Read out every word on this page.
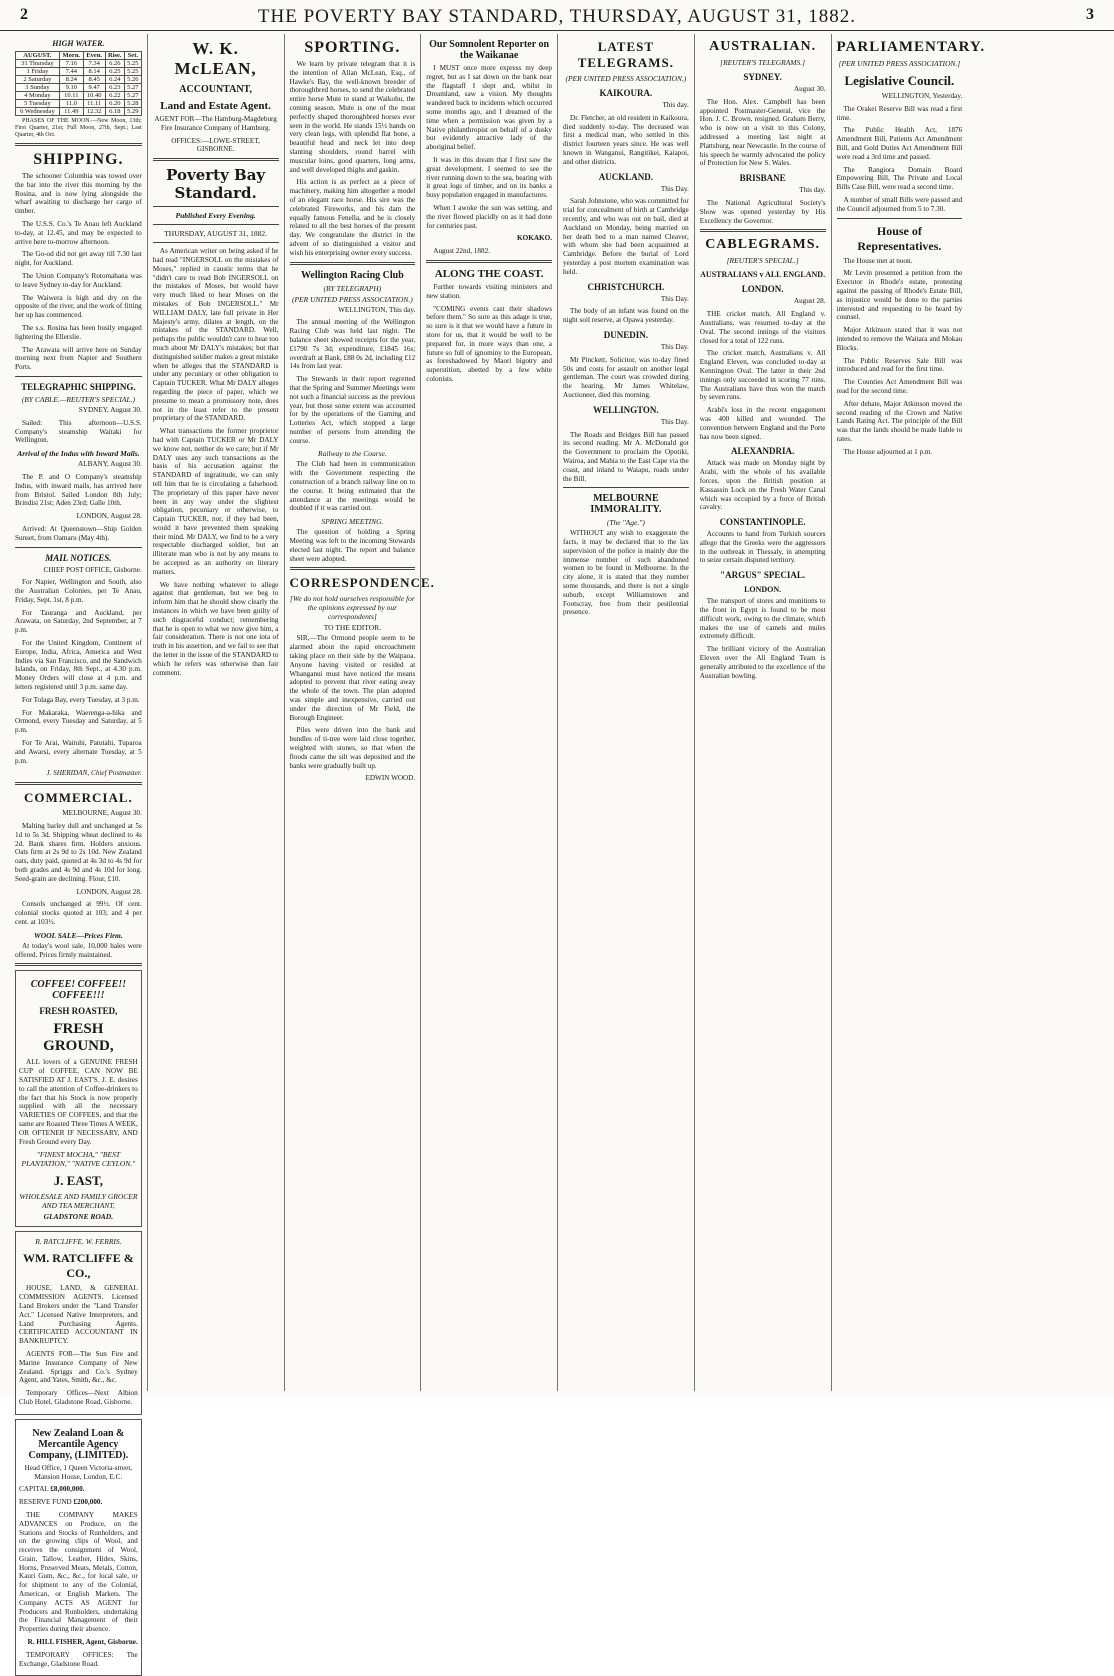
2	THE POVERTY BAY STANDARD, THURSDAY, AUGUST 31, 1882.	3
HIGH WATER.
AUGUST.	Morn.	Even.	Rise.	Set.
31 Thursday	7.16	7.34	6.26	5.25
1 Friday	7.44	8.14	6.25	5.25
2 Saturday	8.24	8.45	6.24	5.26
3 Sunday	9.10	9.47	6.23	5.27
4 Monday	10.11	10.40	6.22	5.27
5 Tuesday	11.0	11.11	6.20	5.28
6 Wednesday	11.49	12.32	6.18	5.29

PHASES OF THE MOON.—New Moon, 13th; First Quarter, 21st; Full Moon, 27th, Sept.; Last Quarter, 4th Oct.

SHIPPING.

The schooner Columbia was towed over the bar into the river this morning by the Rosina, and is now lying alongside the wharf awaiting to discharge her cargo of timber.

The U.S.S. Co.'s Te Anau left Auckland to-day, at 12.45, and may be expected to arrive here to-morrow afternoon.

The Go-od did not get away till 7.30 last night, for Auckland.

The Union Company's Rotomahana was to leave Sydney to-day for Auckland.

The Waiwera is high and dry on the opposite of the river, and the work of fitting her up has commenced.

The s.s. Rosina has been busily engaged lightering the Ellerslie.

The Arawata will arrive here on Sunday morning next from Napier and Southern Ports.

TELEGRAPHIC SHIPPING.
(BY CABLE.—REUTER'S SPECIAL.)

SYDNEY, August 30.

Sailed: This afternoon—U.S.S. Company's steamship Waitaki for Wellington.

Arrival of the Indus with Inward Mails.

ALBANY, August 30.

The P. and O Company's steamship Indus, with inward mails, has arrived here from Bristol. Sailed London 8th July; Brindisi 21st; Aden 23rd; Galle 10th.

LONDON, August 28.

Arrived: At Queenstown—Ship Golden Sunset, from Oamaru (May 4th).

MAIL NOTICES.

CHIEF POST OFFICE, Gisborne.

For Napier, Wellington and South, also the Australian Colonies, per Te Anau, Friday, Sept. 1st, 8 p.m.

For Tauranga and Auckland, per Arawata, on Saturday, 2nd September, at 7 p.m.

For the United Kingdom, Continent of Europe, India, Africa, America and West Indies via San Francisco, and the Sandwich Islands, on Friday, 8th Sept., at 4.30 p.m. Money Orders will close at 4 p.m. and letters registered until 3 p.m. same day.

For Tolaga Bay, every Tuesday, at 3 p.m.

For Makaraka, Waerenga-a-hika and Ormond, every Tuesday and Saturday, at 5 p.m.

For Te Arai, Waituhi, Patutahi, Tuparoa and Awarsi, every alternate Tuesday, at 5 p.m.

J. SHERIDAN, Chief Postmaster.

COMMERCIAL.

MELBOURNE, August 30.

Malting barley dull and unchanged at 5s 1d to 5s 3d. Shipping wheat declined to 4s 2d. Bank shares firm. Holders anxious. Oats firm at 2s 9d to 2s 10d. New Zealand oats, duty paid, quoted at 4s 3d to 4s 9d for both grades and 4s 9d and 4s 10d for long. Seed-grain are declining. Flour, £10.

LONDON, August 28.

Consols unchanged at 99½. Of cent. colonial stocks quoted at 103; and 4 per cent. at 103½.

WOOL SALE—Prices Firm.

At today's wool sale, 10,000 bales were offered. Prices firmly maintained.

COFFEE! COFFEE!! COFFEE!!!
FRESH ROASTED,
FRESH GROUND,

ALL lovers of a GENUINE FRESH CUP of COFFEE, CAN NOW BE SATISFIED AT J. EAST'S. J. E. desires to call the attention of Coffee-drinkers to the fact that his Stock is now properly supplied with all the necessary VARIETIES OF COFFEES, and that the same are Roasted Three Times A WEEK, OR OFTENER IF NECESSARY, AND Fresh Ground every Day.

"FINEST MOCHA," "BEST PLANTATION," "NATIVE CEYLON."
J. EAST,
WHOLESALE AND FAMILY GROCER AND TEA MERCHANT,
GLADSTONE ROAD.
R. RATCLIFFE. W. FERRIS.
WM. RATCLIFFE & CO.,

HOUSE, LAND, & GENERAL COMMISSION AGENTS. Licensed Land Brokers under the "Land Transfer Act." Licensed Native Interpreters, and Land Purchasing Agents. CERTIFICATED ACCOUNTANT IN BANKRUPTCY.

AGENTS FOR—The Sun Fire and Marine Insurance Company of New Zealand. Spriggs and Co.'s Sydney Agent, and Yates, Smith, &c., &c.

Temporary Offices—Next Albion Club Hotel, Gladstone Road, Gisborne.

New Zealand Loan & Mercantile Agency Company, (LIMITED).

Head Office, 1 Queen Victoria-street, Mansion House, London, E.C.

CAPITAL £8,000,000.

RESERVE FUND £200,000.

THE COMPANY MAKES ADVANCES on Produce, on the Stations and Stocks of Runholders, and on the growing clips of Wool, and receives the consignment of Wool, Grain, Tallow, Leather, Hides, Skins, Horns, Preserved Meats, Metals, Cotton, Kauri Gum, &c., &c., for local sale, or for shipment to any of the Colonial, American, or English Markets. The Company ACTS AS AGENT for Producers and Runholders, undertaking the Financial Management of their Properties during their absence.

R. HILL FISHER, Agent, Gisborne.

TEMPORARY OFFICES: The Exchange, Gladstone Road.

W. K. McLEAN,
ACCOUNTANT,
Land and Estate Agent.

AGENT FOR—The Hamburg-Magdeburg Fire Insurance Company of Hamburg.

OFFICES:—LOWE-STREET, GISBORNE.

Poverty Bay Standard.
Published Every Evening.
THURSDAY, AUGUST 31, 1882.

As American writer on being asked if he had read "INGERSOLL on the mistakes of Moses," replied in caustic terms that he "didn't care to read Bob INGERSOLL on the mistakes of Moses, but would have very much liked to hear Moses on the mistakes of Bob INGERSOLL." Mr WILLIAM DALY, late full private in Her Majesty's army, dilates at length, on the mistakes of the STANDARD. Well, perhaps the public wouldn't care to hear too much about Mr DALY's mistakes; but that distinguished soldier makes a great mistake when he alleges that the STANDARD is under any pecuniary or other obligation to Captain TUCKER. What Mr DALY alleges regarding the piece of paper, which we presume to mean a promissory note, does not in the least refer to the present proprietary of the STANDARD.

What transactions the former proprietor had with Captain TUCKER or Mr DALY we know not, neither do we care; but if Mr DALY uses any such transactions as the basis of his accusation against the STANDARD of ingratitude, we can only tell him that he is circulating a falsehood. The proprietary of this paper have never been in any way under the slightest obligation, pecuniary or otherwise, to Captain TUCKER, nor, if they had been, would it have prevented them speaking their mind. Mr DALY, we find to be a very respectable discharged soldier, but an illiterate man who is not by any means to be accepted as an authority on literary matters.

We have nothing whatever to allege against that gentleman, but we beg to inform him that he should show clearly the instances in which we have been guilty of such disgraceful conduct; remembering that he is open to what we now give him, a fair consideration. There is not one iota of truth in his assertion, and we fail to see that the letter in the issue of the STANDARD to which he refers was otherwise than fair comment.

SPORTING.

We learn by private telegram that it is the intention of Allan McLean, Esq., of Hawke's Bay, the well-known breeder of thoroughbred horses, to send the celebrated entire horse Mute to stand at Waikohu, the coming season. Mute is one of the most perfectly shaped thoroughbred horses ever seen in the world. He stands 15½ hands on very clean legs, with splendid flat bone, a beautiful head and neck let into deep slanting shoulders, round barrel with muscular loins, good quarters, long arms, and well developed thighs and gaskin.

His action is as perfect as a piece of machinery, making him altogether a model of an elegant race horse. His sire was the celebrated Fireworks, and his dam the equally famous Fenella, and he is closely related to all the best horses of the present day. We congratulate the district in the advent of so distinguished a visitor and wish his enterprising owner every success.

Wellington Racing Club
(BY TELEGRAPH)
(PER UNITED PRESS ASSOCIATION.)

WELLINGTON, This day.

The annual meeting of the Wellington Racing Club was held last night. The balance sheet showed receipts for the year, £1790 7s 3d; expenditure, £1845 16s; overdraft at Bank, £88 0s 2d, including £12 14s from last year.

The Stewards in their report regretted that the Spring and Summer Meetings were not such a financial success as the previous year, but those some extent was accounted for by the operations of the Gaming and Lotteries Act, which stopped a large number of persons from attending the course.

Railway to the Course.

The Club had been in communication with the Government respecting the construction of a branch railway line on to the course. It being estimated that the attendance at the meetings would be doubled if it was carried out.

SPRING MEETING.

The question of holding a Spring Meeting was left to the incoming Stewards elected last night. The report and balance sheet were adopted.

CORRESPONDENCE.
[We do not hold ourselves responsible for the opinions expressed by our correspondents]
TO THE EDITOR.

SIR,—The Ormond people seem to be alarmed about the rapid encroachment taking place on their side by the Waipaoa. Anyone having visited or resided at Whanganui must have noticed the means adopted to prevent that river eating away the whole of the town. The plan adopted was simple and inexpensive, carried out under the direction of Mr Field, the Borough Engineer.

Piles were driven into the bank and bundles of ti-tree were laid close together, weighted with stones, so that when the floods came the silt was deposited and the banks were gradually built up.

EDWIN WOOD.

Our Somnolent Reporter on the Waikanae

I MUST once more express my deep regret, but as I sat down on the bank near the flagstaff I slept and, whilst in Dreamland, saw a vision. My thoughts wandered back to incidents which occurred some months ago, and I dreamed of the time when a permission was given by a Native philanthropist on behalf of a dusky but evidently attractive lady of the aboriginal belief.

It was in this dream that I first saw the great development. I seemed to see the river running down to the sea, bearing with it great logs of timber, and on its banks a busy population engaged in manufactures.

When I awoke the sun was setting, and the river flowed placidly on as it had done for centuries past.

KOKAKO.

August 22nd, 1882.

ALONG THE COAST.

Further towards visiting ministers and new station.

"COMING events cast their shadows before them." So sure as this adage is true, so sure is it that we would have a future in store for us, that it would be well to be prepared for, in more ways than one, a future so full of ignominy to the European, as foreshadowed by Maori bigotry and superstition, abetted by a few white colonists.

LATEST TELEGRAMS.
(PER UNITED PRESS ASSOCIATION.)
KAIKOURA.

This day.

Dr. Fletcher, an old resident in Kaikoura, died suddenly to-day. The deceased was first a medical man, who settled in this district fourteen years since. He was well known in Wanganui, Rangitikei, Kaiapoi, and other districts.

AUCKLAND.

This Day.

Sarah Johnstone, who was committed for trial for concealment of birth at Cambridge recently, and who was out on bail, died at Auckland on Monday, being married on her death bed to a man named Cleaver, with whom she had been acquainted at Cambridge. Before the burial of Lord yesterday a post mortem examination was held.

CHRISTCHURCH.

This Day.

The body of an infant was found on the night soil reserve, at Opawa yesterday.

DUNEDIN.

This Day.

Mr Pinckett, Solicitor, was to-day fined 50s and costs for assault on another legal gentleman. The court was crowded during the hearing. Mr James Whitelaw, Auctioneer, died this morning.

WELLINGTON.

This Day.

The Roads and Bridges Bill has passed its second reading. Mr A. McDonald got the Government to proclaim the Opotiki, Wairoa, and Mahia to the East Cape via the coast, and inland to Waiapu, roads under the Bill.

MELBOURNE IMMORALITY.
(The "Age.")

WITHOUT any wish to exaggerate the facts, it may be declared that to the lax supervision of the police is mainly due the immense number of such abandoned women to be found in Melbourne. In the city alone, it is stated that they number some thousands, and there is not a single suburb, except Williamstown and Footscray, free from their pestilential presence.

AUSTRALIAN.
[REUTER'S TELEGRAMS.]
SYDNEY.

August 30.

The Hon. Alex. Campbell has been appointed Postmaster-General, vice the Hon. J. C. Brown, resigned. Graham Berry, who is now on a visit to this Colony, addressed a meeting last night at Plattsburg, near Newcastle. In the course of his speech he warmly advocated the policy of Protection for New S. Wales.

BRISBANE

This day.

The National Agricultural Society's Show was opened yesterday by His Excellency the Governor.

CABLEGRAMS.
[REUTER'S SPECIAL.]
AUSTRALIANS v ALL ENGLAND.
LONDON.

August 28.

THE cricket match, All England v. Australians, was resumed to-day at the Oval. The second innings of the visitors closed for a total of 122 runs.

The cricket match, Australians v. All England Eleven, was concluded to-day at Kennington Oval. The latter in their 2nd innings only succeeded in scoring 77 runs. The Australians have thus won the match by seven runs.

Arabi's loss in the recent engagement was 400 killed and wounded. The convention between England and the Porte has now been signed.

ALEXANDRIA.

Attack was made on Monday night by Arabi, with the whole of his available forces, upon the British position at Kassassin Lock on the Fresh Water Canal which was occupied by a force of British cavalry.

CONSTANTINOPLE.

Accounts to hand from Turkish sources allege that the Greeks were the aggressors in the outbreak in Thessaly, in attempting to seize certain disputed territory.

"ARGUS" SPECIAL.
LONDON.

The transport of stores and munitions to the front in Egypt is found to be most difficult work, owing to the climate, which makes the use of camels and mules extremely difficult.

The brilliant victory of the Australian Eleven over the All England Team is generally attributed to the excellence of the Australian bowling.

PARLIAMENTARY.
[PER UNITED PRESS ASSOCIATION.]
Legislative Council.

WELLINGTON, Yesterday.

The Orakei Reserve Bill was read a first time.

The Public Health Act, 1876 Amendment Bill, Patients Act Amendment Bill, and Gold Duties Act Amendment Bill were read a 3rd time and passed.

The Rangiora Domain Board Empowering Bill, The Private and Local Bills Case Bill, were read a second time.

A number of small Bills were passed and the Council adjourned from 5 to 7.30.

House of Representatives.

The House met at noon.

Mr Levin presented a petition from the Executor in Rhode's estate, protesting against the passing of Rhode's Estate Bill, as injustice would be done to the parties interested and requesting to be heard by counsel.

Major Atkinson stated that it was not intended to remove the Waitara and Mokau Blocks.

The Public Reserves Sale Bill was introduced and read for the first time.

The Counties Act Amendment Bill was read for the second time.

After debate, Major Atkinson moved the second reading of the Crown and Native Lands Rating Act. The principle of the Bill was that the lands should be made liable to rates.

The House adjourned at 1 p.m.
